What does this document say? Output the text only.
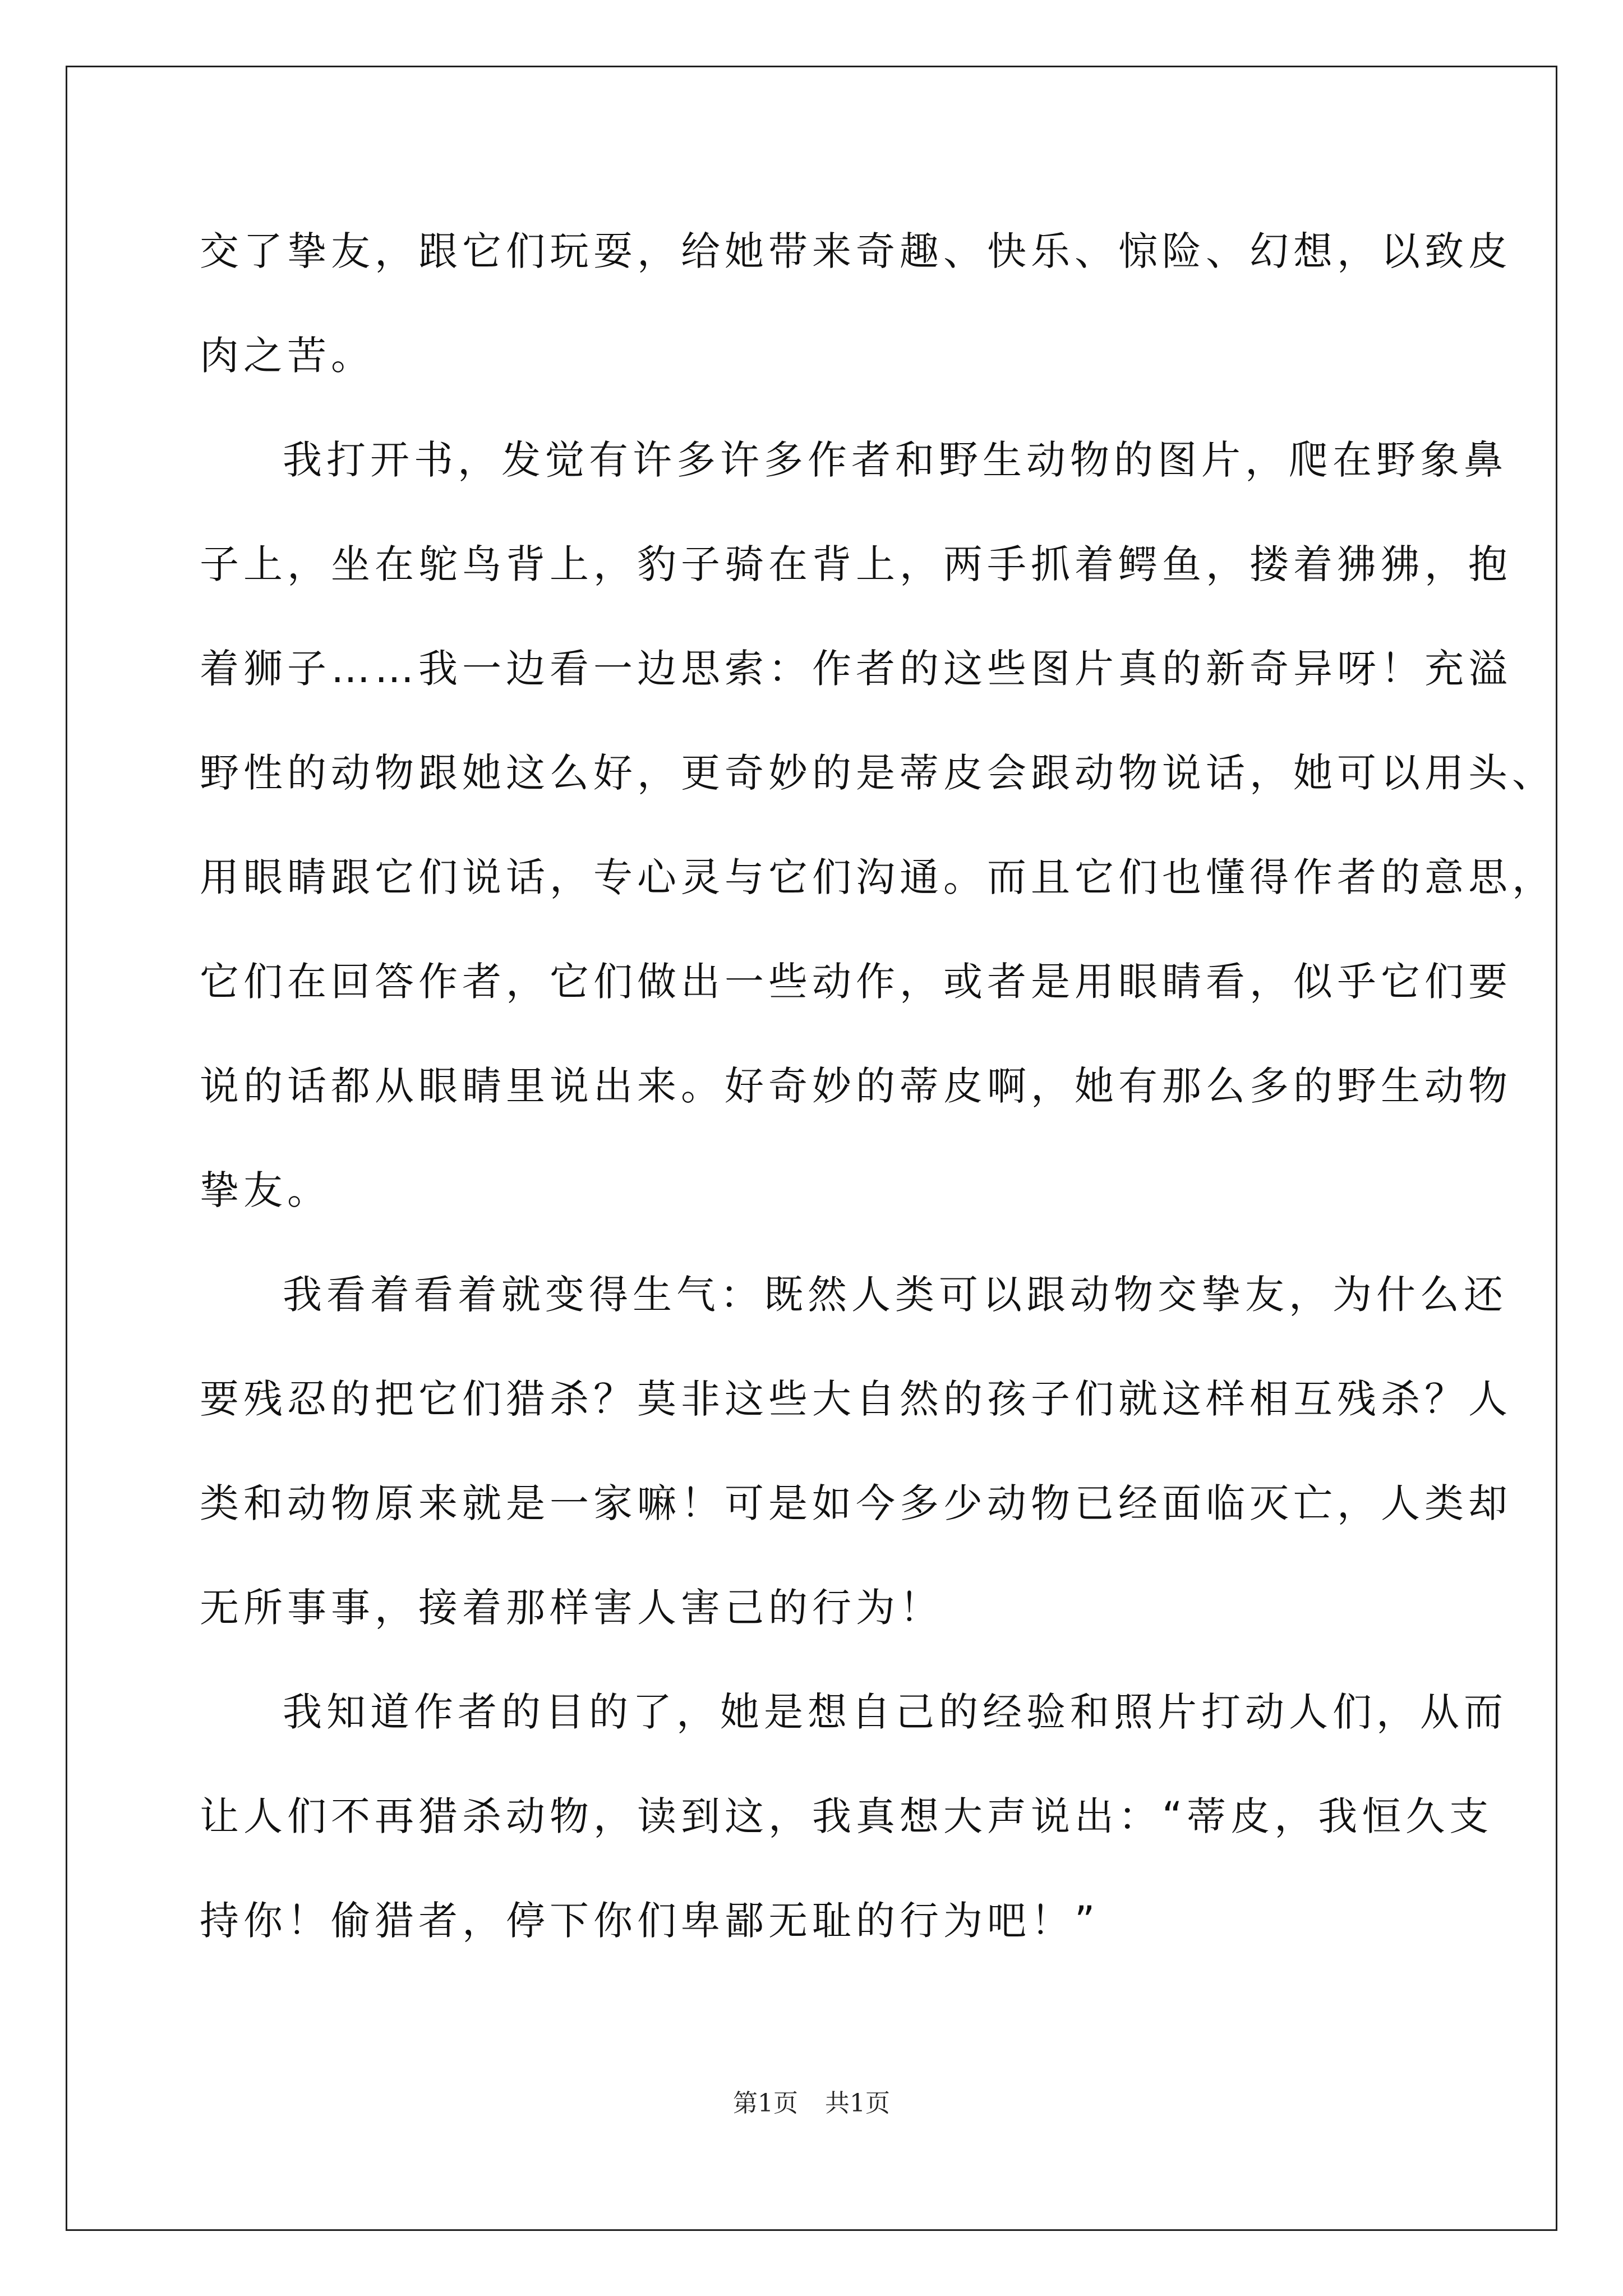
交了挚友，跟它们玩耍，给她带来奇趣、快乐、惊险、幻想，以致皮
肉之苦。
我打开书，发觉有许多许多作者和野生动物的图片，爬在野象鼻
子上，坐在鸵鸟背上，豹子骑在背上，两手抓着鳄鱼，搂着狒狒，抱
着狮子……我一边看一边思索：作者的这些图片真的新奇异呀！充溢
野性的动物跟她这么好，更奇妙的是蒂皮会跟动物说话，她可以用头、
用眼睛跟它们说话，专心灵与它们沟通。而且它们也懂得作者的意思，
它们在回答作者，它们做出一些动作，或者是用眼睛看，似乎它们要
说的话都从眼睛里说出来。好奇妙的蒂皮啊，她有那么多的野生动物
挚友。
我看着看着就变得生气：既然人类可以跟动物交挚友，为什么还
要残忍的把它们猎杀？莫非这些大自然的孩子们就这样相互残杀？人
类和动物原来就是一家嘛！可是如今多少动物已经面临灭亡，人类却
无所事事，接着那样害人害己的行为！
我知道作者的目的了，她是想自己的经验和照片打动人们，从而
让人们不再猎杀动物，读到这，我真想大声说出：“蒂皮，我恒久支
持你！偷猎者，停下你们卑鄙无耻的行为吧！”
第1页 共1页
